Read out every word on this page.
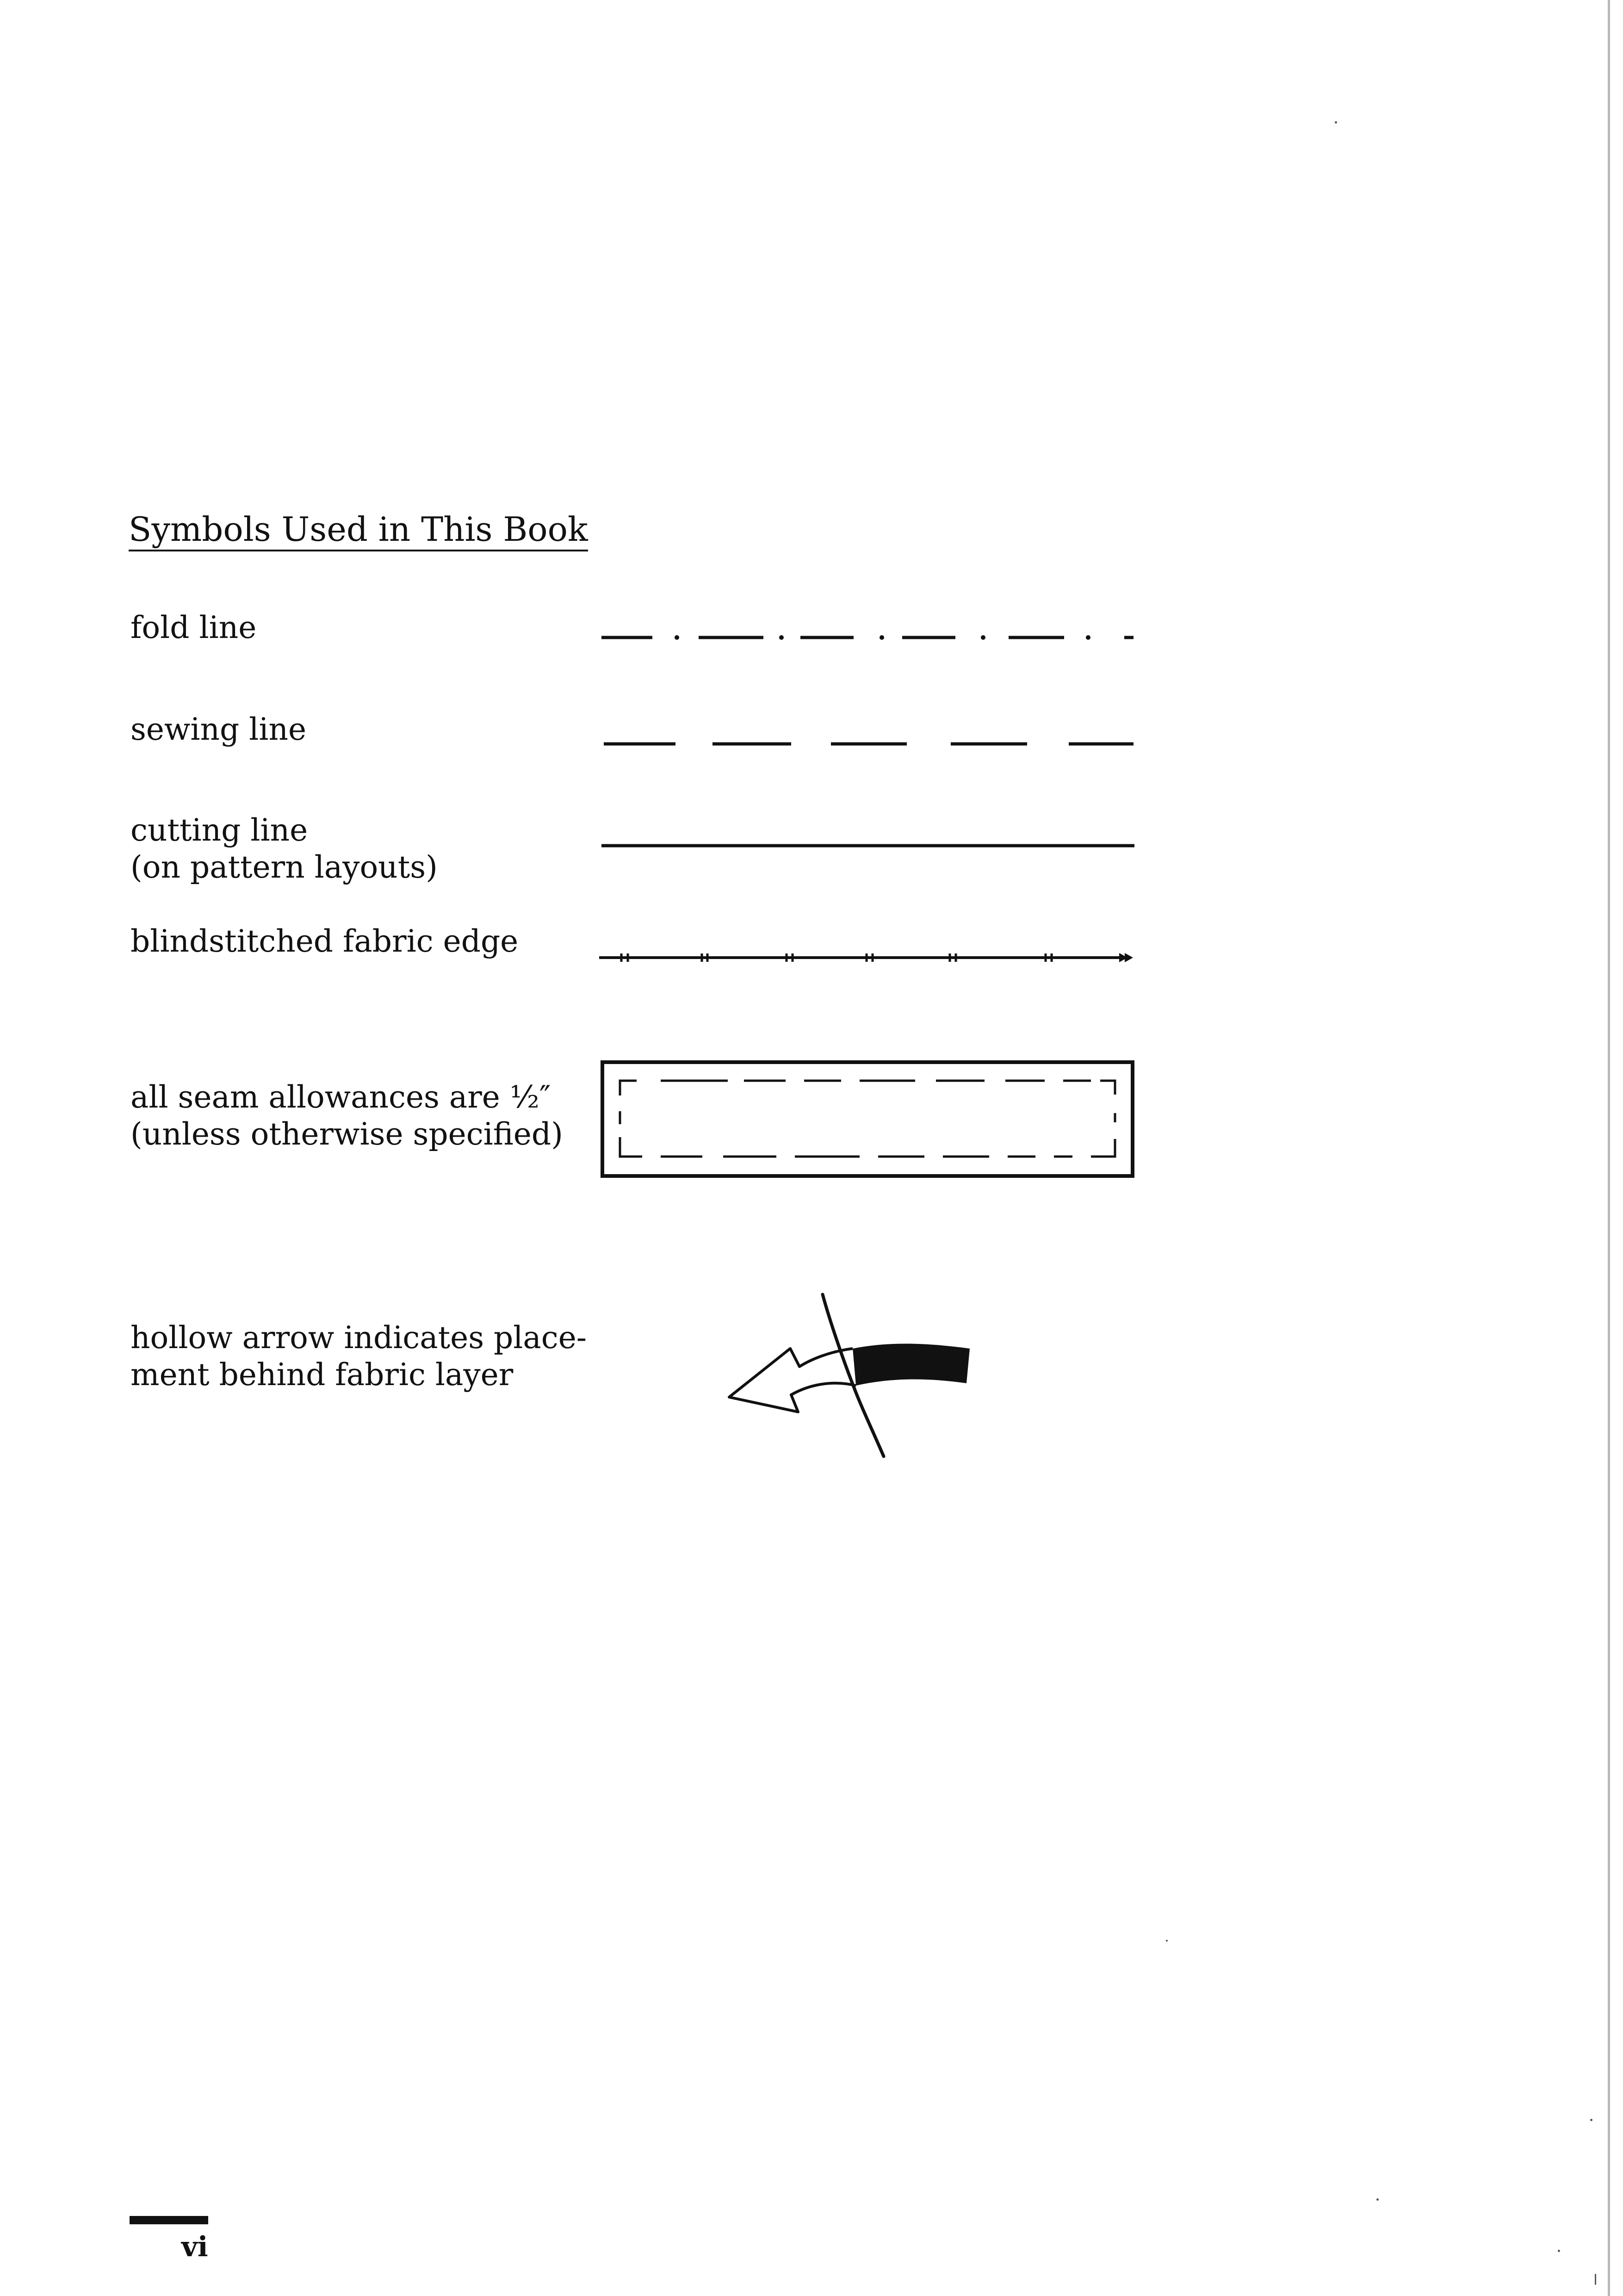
Symbols Used in This Book
fold line
sewing line
cutting line
(on pattern layouts)
blindstitched fabric edge
all seam allowances are ½″
(unless otherwise specified)
hollow arrow indicates place-
ment behind fabric layer
vi
